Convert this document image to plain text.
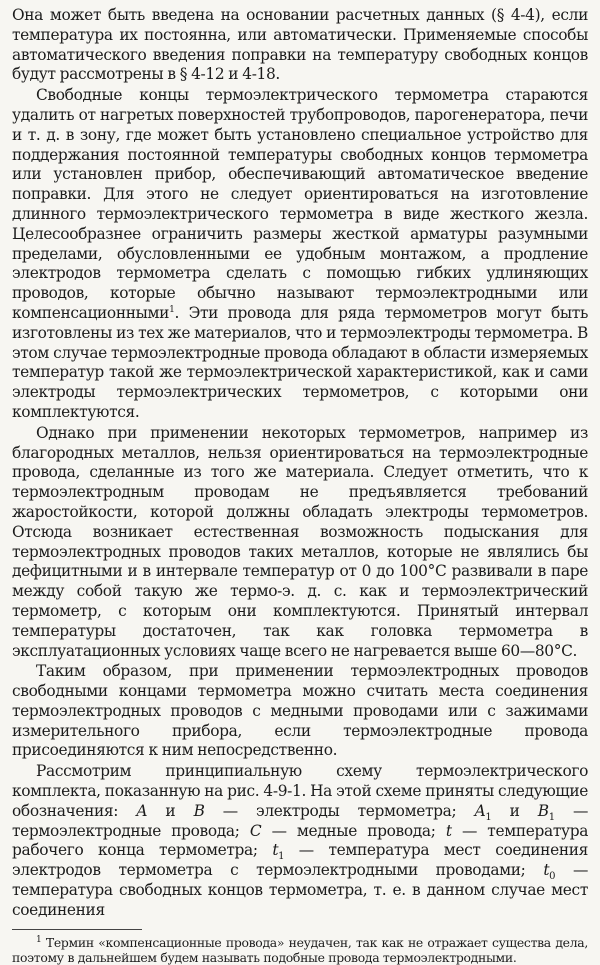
Она может быть введена на основании расчетных данных (§ 4-4), если температура их постоянна, или автоматически. Применяемые способы автоматического введения поправки на температуру свободных концов будут рассмотрены в § 4-12 и 4-18.

Свободные концы термоэлектрического термометра стараются удалить от нагретых поверхностей трубопроводов, парогенератора, печи и т. д. в зону, где может быть установлено специальное устройство для поддержания постоянной температуры свободных концов термометра или установлен прибор, обеспечивающий автоматическое введение поправки. Для этого не следует ориентироваться на изготовление длинного термоэлектрического термометра в виде жесткого жезла. Целесообразнее ограничить размеры жесткой арматуры разумными пределами, обусловленными ее удобным монтажом, а продление электродов термометра сделать с помощью гибких удлиняющих проводов, которые обычно называют термоэлектродными или компенсационными$^1$. Эти провода для ряда термометров могут быть изготовлены из тех же материалов, что и термоэлектроды термометра. В этом случае термоэлектродные провода обладают в области измеряемых температур такой же термоэлектрической характеристикой, как и сами электроды термоэлектрических термометров, с которыми они комплектуются.

Однако при применении некоторых термометров, например из благородных металлов, нельзя ориентироваться на термоэлектродные провода, сделанные из того же материала. Следует отметить, что к термоэлектродным проводам не предъявляется требований жаростойкости, которой должны обладать электроды термометров. Отсюда возникает естественная возможность подыскания для термоэлектродных проводов таких металлов, которые не являлись бы дефицитными и в интервале температур от 0 до 100°С развивали в паре между собой такую же термо-э. д. с. как и термоэлектрический термометр, с которым они комплектуются. Принятый интервал температуры достаточен, так как головка термометра в эксплуатационных условиях чаще всего не нагревается выше 60—80°С.

Таким образом, при применении термоэлектродных проводов свободными концами термометра можно считать места соединения термоэлектродных проводов с медными проводами или с зажимами измерительного прибора, если термоэлектродные провода присоединяются к ним непосредственно.

Рассмотрим принципиальную схему термоэлектрического комплекта, показанную на рис. 4-9-1. На этой схеме приняты следующие обозначения: A и B — электроды термометра; $A_1$ и $B_1$ — термоэлектродные провода; C — медные провода; t — температура рабочего конца термометра; $t_1$ — температура мест соединения электродов термометра с термоэлектродными проводами; $t_0$ — температура свободных концов термометра, т. е. в данном случае мест соединения

$^1$ Термин «компенсационные провода» неудачен, так как не отражает существа дела, поэтому в дальнейшем будем называть подобные провода термоэлектродными.
